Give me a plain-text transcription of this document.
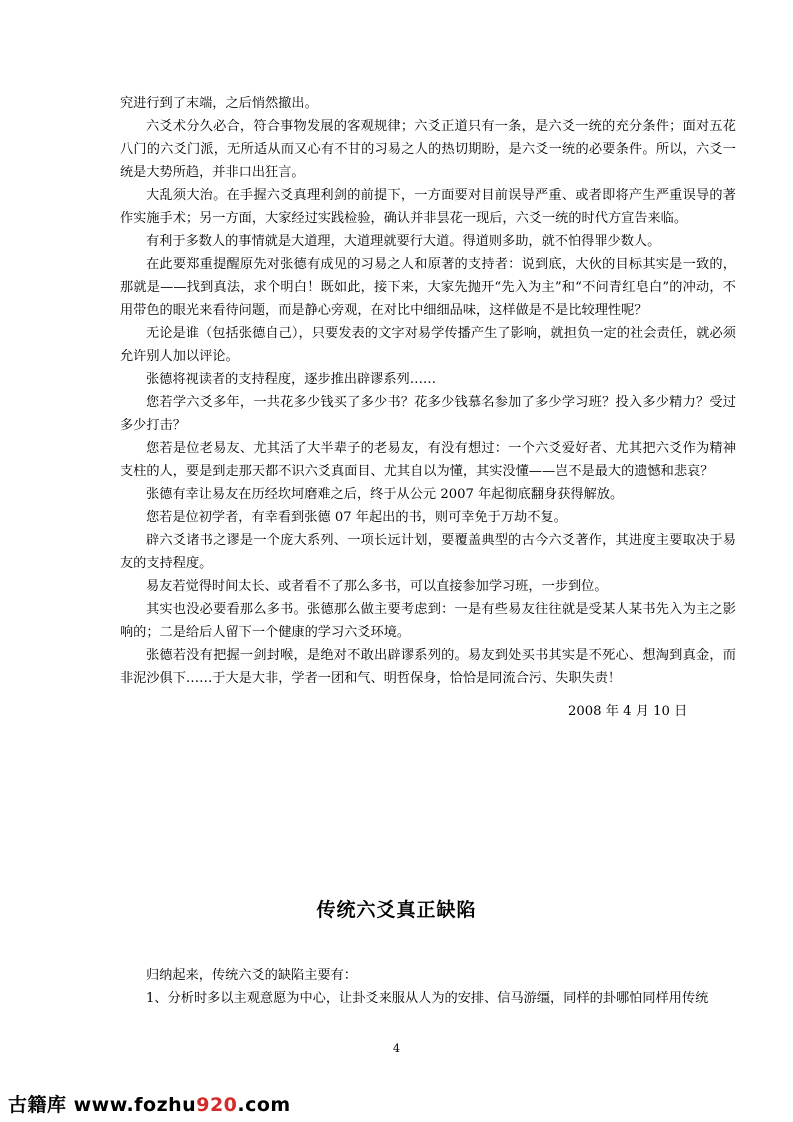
究进行到了末端，之后悄然撤出。

六爻术分久必合，符合事物发展的客观规律；六爻正道只有一条，是六爻一统的充分条件；面对五花八门的六爻门派，无所适从而又心有不甘的习易之人的热切期盼，是六爻一统的必要条件。所以，六爻一统是大势所趋，并非口出狂言。

大乱须大治。在手握六爻真理利剑的前提下，一方面要对目前误导严重、或者即将产生严重误导的著作实施手术；另一方面，大家经过实践检验，确认并非昙花一现后，六爻一统的时代方宣告来临。

有利于多数人的事情就是大道理，大道理就要行大道。得道则多助，就不怕得罪少数人。

在此要郑重提醒原先对张德有成见的习易之人和原著的支持者：说到底，大伙的目标其实是一致的，那就是——找到真法，求个明白！既如此，接下来，大家先抛开“先入为主”和“不问青红皂白”的冲动，不用带色的眼光来看待问题，而是静心旁观，在对比中细细品味，这样做是不是比较理性呢？

无论是谁（包括张德自己），只要发表的文字对易学传播产生了影响，就担负一定的社会责任，就必须允许别人加以评论。

张德将视读者的支持程度，逐步推出辟谬系列……

您若学六爻多年，一共花多少钱买了多少书？花多少钱慕名参加了多少学习班？投入多少精力？受过多少打击？

您若是位老易友、尤其活了大半辈子的老易友，有没有想过：一个六爻爱好者、尤其把六爻作为精神支柱的人，要是到走那天都不识六爻真面目、尤其自以为懂，其实没懂——岂不是最大的遗憾和悲哀？

张德有幸让易友在历经坎坷磨难之后，终于从公元 2007 年起彻底翻身获得解放。

您若是位初学者，有幸看到张德 07 年起出的书，则可幸免于万劫不复。

辟六爻诸书之谬是一个庞大系列、一项长远计划，要覆盖典型的古今六爻著作，其进度主要取决于易友的支持程度。

易友若觉得时间太长、或者看不了那么多书，可以直接参加学习班，一步到位。

其实也没必要看那么多书。张德那么做主要考虑到：一是有些易友往往就是受某人某书先入为主之影响的；二是给后人留下一个健康的学习六爻环境。

张德若没有把握一剑封喉，是绝对不敢出辟谬系列的。易友到处买书其实是不死心、想淘到真金，而非泥沙俱下……于大是大非，学者一团和气、明哲保身，恰恰是同流合污、失职失责！

2008 年 4 月 10 日
传统六爻真正缺陷

归纳起来，传统六爻的缺陷主要有：

1、分析时多以主观意愿为中心，让卦爻来服从人为的安排、信马游缰，同样的卦哪怕同样用传统

4
古籍库 www.fozhu920.com
